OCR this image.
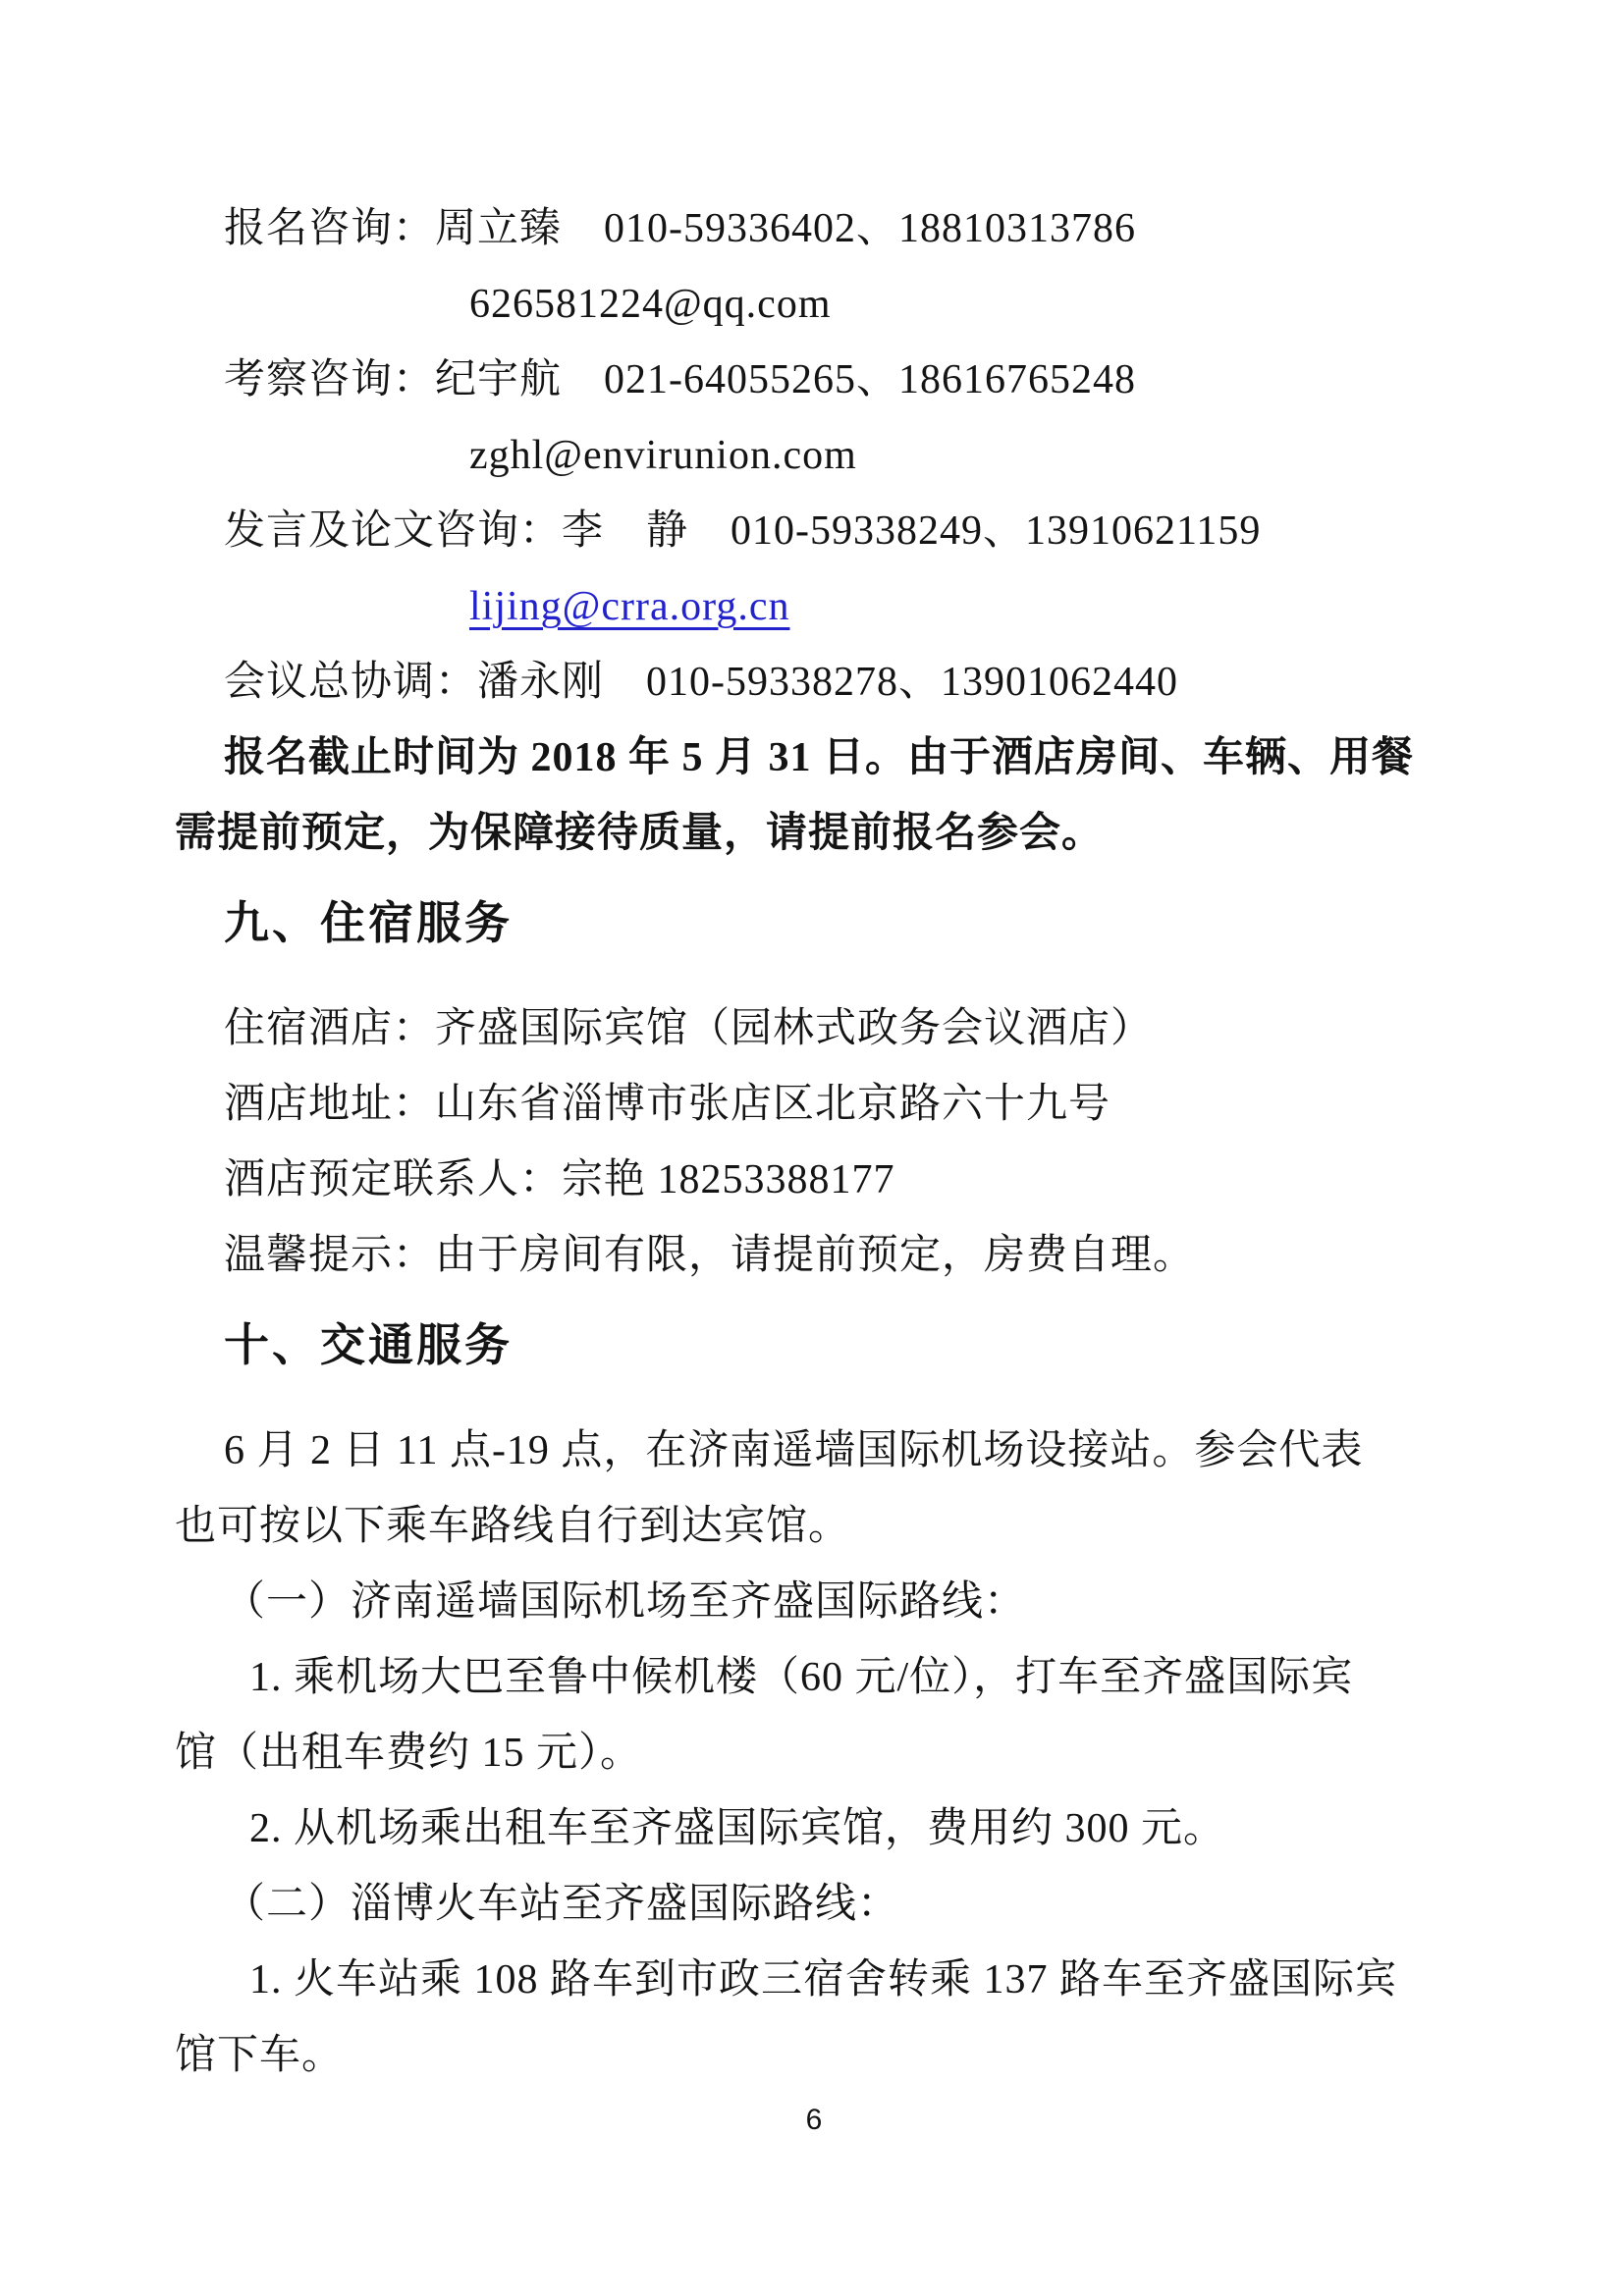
报名咨询：周立臻　010-59336402、18810313786
626581224@qq.com
考察咨询：纪宇航　021-64055265、18616765248
zghl@envirunion.com
发言及论文咨询：李　静　010-59338249、13910621159
lijing@crra.org.cn
会议总协调：潘永刚　010-59338278、13901062440
报名截止时间为 2018 年 5 月 31 日。由于酒店房间、车辆、用餐
需提前预定，为保障接待质量，请提前报名参会。
九、住宿服务
住宿酒店：齐盛国际宾馆（园林式政务会议酒店）
酒店地址：山东省淄博市张店区北京路六十九号
酒店预定联系人：宗艳 18253388177
温馨提示：由于房间有限，请提前预定，房费自理。
十、交通服务
6 月 2 日 11 点-19 点，在济南遥墙国际机场设接站。参会代表
也可按以下乘车路线自行到达宾馆。
（一）济南遥墙国际机场至齐盛国际路线：
1. 乘机场大巴至鲁中候机楼（60 元/位），打车至齐盛国际宾
馆（出租车费约 15 元）。
2. 从机场乘出租车至齐盛国际宾馆，费用约 300 元。
（二）淄博火车站至齐盛国际路线：
1. 火车站乘 108 路车到市政三宿舍转乘 137 路车至齐盛国际宾
馆下车。
6
